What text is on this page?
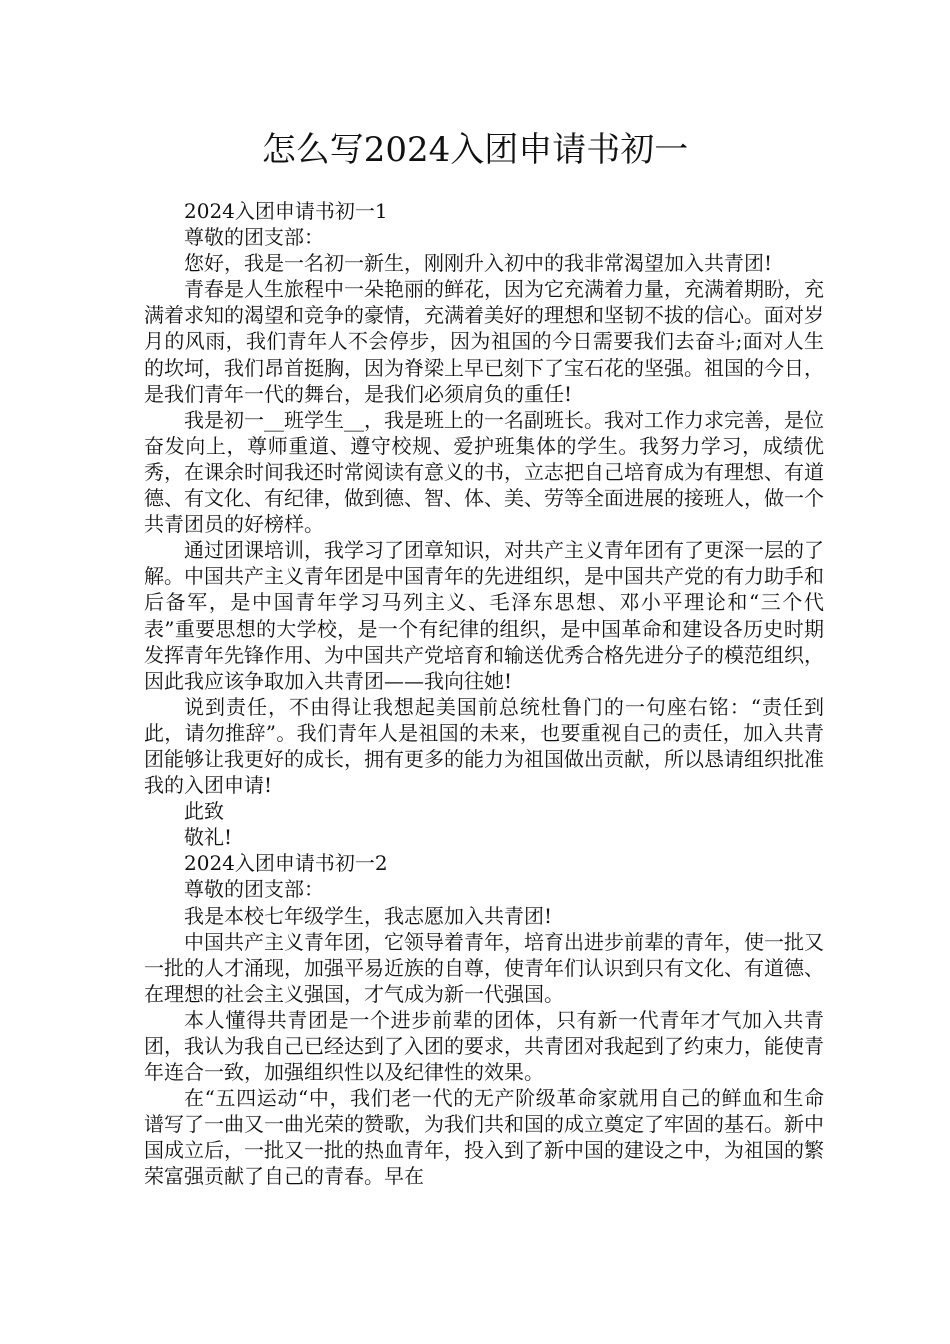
怎么写2024入团申请书初一

2024入团申请书初一1

尊敬的团支部：

您好，我是一名初一新生，刚刚升入初中的我非常渴望加入共青团!

青春是人生旅程中一朵艳丽的鲜花，因为它充满着力量，充满着期盼，充满着求知的渴望和竞争的豪情，充满着美好的理想和坚韧不拔的信心。面对岁月的风雨，我们青年人不会停步，因为祖国的今日需要我们去奋斗;面对人生的坎坷，我们昂首挺胸，因为脊梁上早已刻下了宝石花的坚强。祖国的今日，是我们青年一代的舞台，是我们必须肩负的重任!

我是初一__班学生__，我是班上的一名副班长。我对工作力求完善，是位奋发向上，尊师重道、遵守校规、爱护班集体的学生。我努力学习，成绩优秀，在课余时间我还时常阅读有意义的书，立志把自己培育成为有理想、有道德、有文化、有纪律，做到德、智、体、美、劳等全面进展的接班人，做一个共青团员的好榜样。

通过团课培训，我学习了团章知识，对共产主义青年团有了更深一层的了解。中国共产主义青年团是中国青年的先进组织，是中国共产党的有力助手和后备军，是中国青年学习马列主义、毛泽东思想、邓小平理论和“三个代表”重要思想的大学校，是一个有纪律的组织，是中国革命和建设各历史时期发挥青年先锋作用、为中国共产党培育和输送优秀合格先进分子的模范组织，因此我应该争取加入共青团——我向往她!

说到责任，不由得让我想起美国前总统杜鲁门的一句座右铭：“责任到此，请勿推辞”。我们青年人是祖国的未来，也要重视自己的责任，加入共青团能够让我更好的成长，拥有更多的能力为祖国做出贡献，所以恳请组织批准我的入团申请!

此致

敬礼!

2024入团申请书初一2

尊敬的团支部：

我是本校七年级学生，我志愿加入共青团!

中国共产主义青年团，它领导着青年，培育出进步前辈的青年，使一批又一批的人才涌现，加强平易近族的自尊，使青年们认识到只有文化、有道德、在理想的社会主义强国，才气成为新一代强国。

本人懂得共青团是一个进步前辈的团体，只有新一代青年才气加入共青团，我认为我自己已经达到了入团的要求，共青团对我起到了约束力，能使青年连合一致，加强组织性以及纪律性的效果。

在“五四运动“中，我们老一代的无产阶级革命家就用自己的鲜血和生命谱写了一曲又一曲光荣的赞歌，为我们共和国的成立奠定了牢固的基石。新中国成立后，一批又一批的热血青年，投入到了新中国的建设之中，为祖国的繁荣富强贡献了自己的青春。早在
